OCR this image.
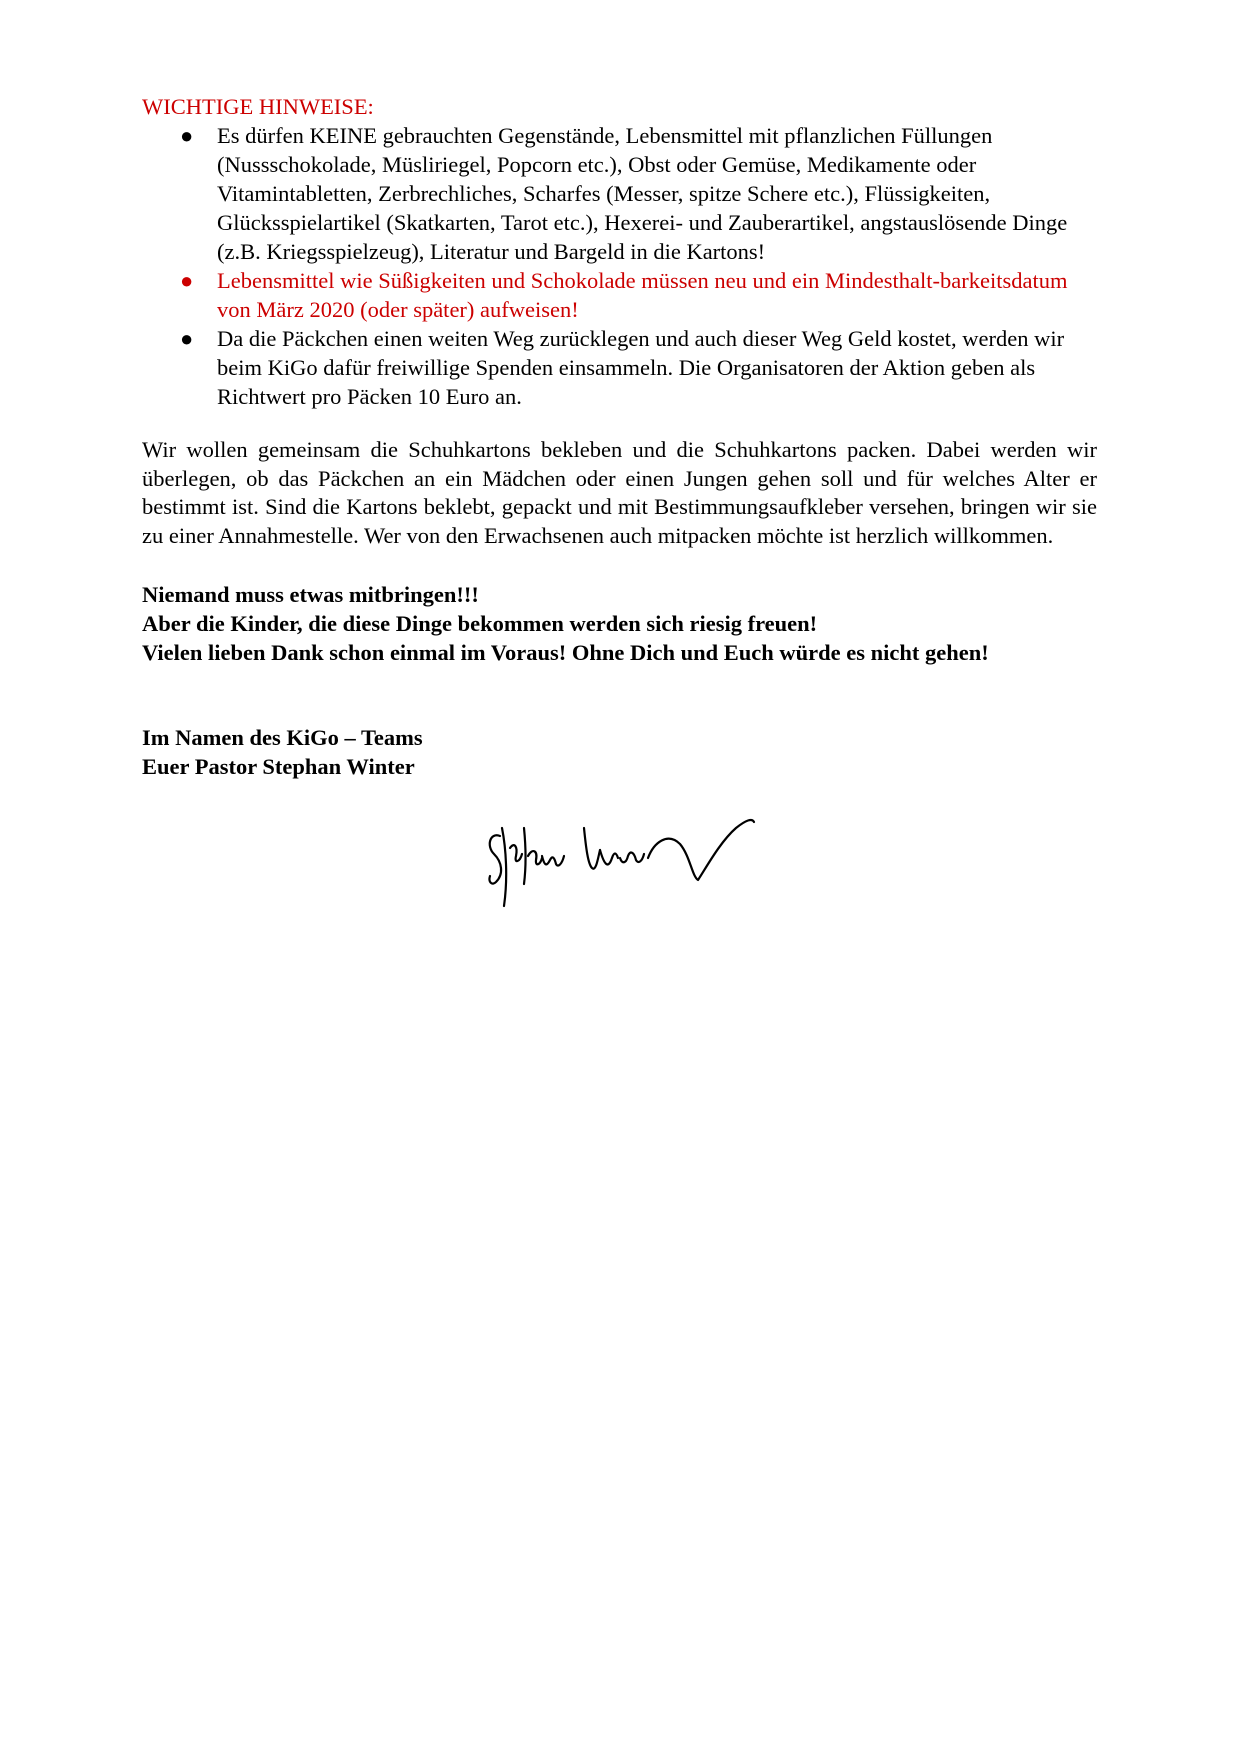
WICHTIGE HINWEISE:
● Es dürfen KEINE gebrauchten Gegenstände, Lebensmittel mit pflanzlichen Füllungen (Nussschokolade, Müsliriegel, Popcorn etc.), Obst oder Gemüse, Medikamente oder Vitamintabletten, Zerbrechliches, Scharfes (Messer, spitze Schere etc.), Flüssigkeiten, Glücksspielartikel (Skatkarten, Tarot etc.), Hexerei- und Zauberartikel, angstauslösende Dinge (z.B. Kriegsspielzeug), Literatur und Bargeld in die Kartons!
● Lebensmittel wie Süßigkeiten und Schokolade müssen neu und ein Mindesthalt-barkeitsdatum von März 2020 (oder später) aufweisen!
● Da die Päckchen einen weiten Weg zurücklegen und auch dieser Weg Geld kostet, werden wir beim KiGo dafür freiwillige Spenden einsammeln. Die Organisatoren der Aktion geben als Richtwert pro Päcken 10 Euro an.

Wir wollen gemeinsam die Schuhkartons bekleben und die Schuhkartons packen. Dabei werden wir überlegen, ob das Päckchen an ein Mädchen oder einen Jungen gehen soll und für welches Alter er bestimmt ist. Sind die Kartons beklebt, gepackt und mit Bestimmungsaufkleber versehen, bringen wir sie zu einer Annahmestelle. Wer von den Erwachsenen auch mitpacken möchte ist herzlich willkommen.

Niemand muss etwas mitbringen!!!
Aber die Kinder, die diese Dinge bekommen werden sich riesig freuen!
Vielen lieben Dank schon einmal im Voraus! Ohne Dich und Euch würde es nicht gehen!
Im Namen des KiGo – Teams
Euer Pastor Stephan Winter
